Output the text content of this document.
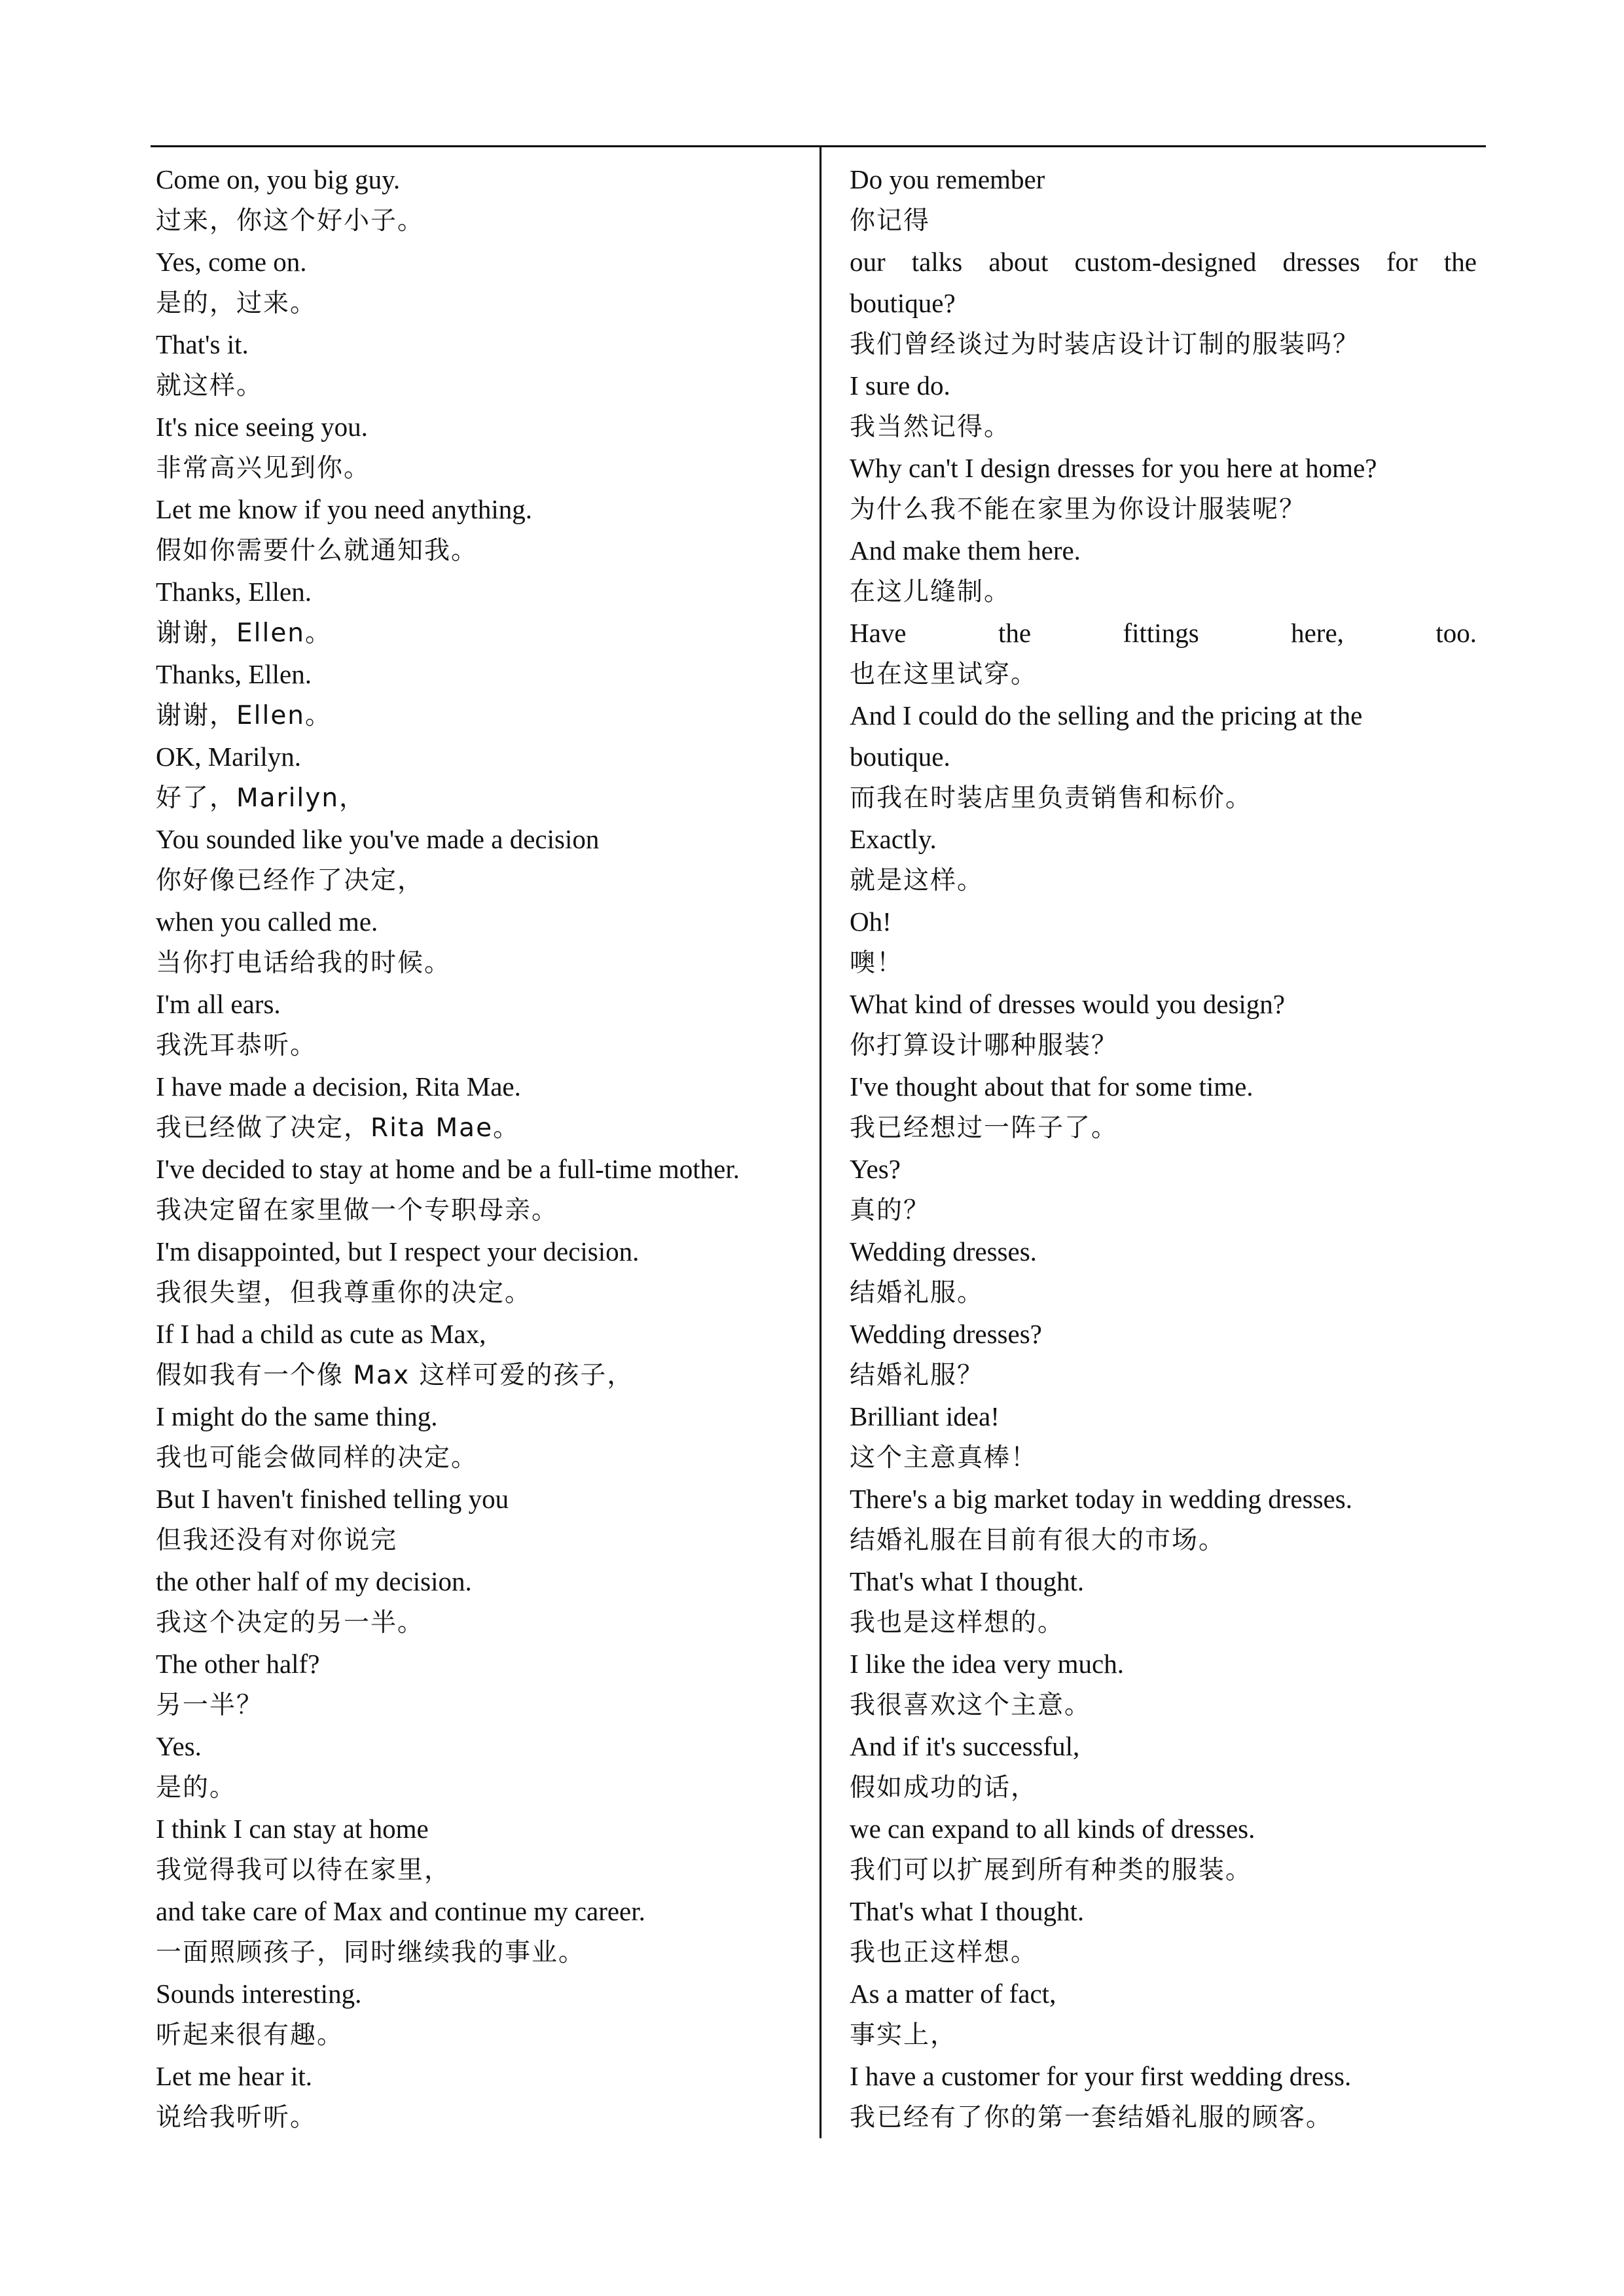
Come on, you big guy.
过来，你这个好小子。
Yes, come on.
是的，过来。
That's it.
就这样。
It's nice seeing you.
非常高兴见到你。
Let me know if you need anything.
假如你需要什么就通知我。
Thanks, Ellen.
谢谢，Ellen。
Thanks, Ellen.
谢谢，Ellen。
OK, Marilyn.
好了，Marilyn，
You sounded like you've made a decision
你好像已经作了决定，
when you called me.
当你打电话给我的时候。
I'm all ears.
我洗耳恭听。
I have made a decision, Rita Mae.
我已经做了决定，Rita Mae。
I've decided to stay at home and be a full-time mother.
我决定留在家里做一个专职母亲。
I'm disappointed, but I respect your decision.
我很失望，但我尊重你的决定。
If I had a child as cute as Max,
假如我有一个像 Max 这样可爱的孩子，
I might do the same thing.
我也可能会做同样的决定。
But I haven't finished telling you
但我还没有对你说完
the other half of my decision.
我这个决定的另一半。
The other half?
另一半？
Yes.
是的。
I think I can stay at home
我觉得我可以待在家里，
and take care of Max and continue my career.
一面照顾孩子，同时继续我的事业。
Sounds interesting.
听起来很有趣。
Let me hear it.
说给我听听。
Do you remember
你记得
our talks about custom-designed dresses for the
boutique?
我们曾经谈过为时装店设计订制的服装吗？
I sure do.
我当然记得。
Why can't I design dresses for you here at home?
为什么我不能在家里为你设计服装呢？
And make them here.
在这儿缝制。
Have the fittings here, too.
也在这里试穿。
And I could do the selling and the pricing at the
boutique.
而我在时装店里负责销售和标价。
Exactly.
就是这样。
Oh!
噢！
What kind of dresses would you design?
你打算设计哪种服装？
I've thought about that for some time.
我已经想过一阵子了。
Yes?
真的？
Wedding dresses.
结婚礼服。
Wedding dresses?
结婚礼服？
Brilliant idea!
这个主意真棒！
There's a big market today in wedding dresses.
结婚礼服在目前有很大的市场。
That's what I thought.
我也是这样想的。
I like the idea very much.
我很喜欢这个主意。
And if it's successful,
假如成功的话，
we can expand to all kinds of dresses.
我们可以扩展到所有种类的服装。
That's what I thought.
我也正这样想。
As a matter of fact,
事实上，
I have a customer for your first wedding dress.
我已经有了你的第一套结婚礼服的顾客。
